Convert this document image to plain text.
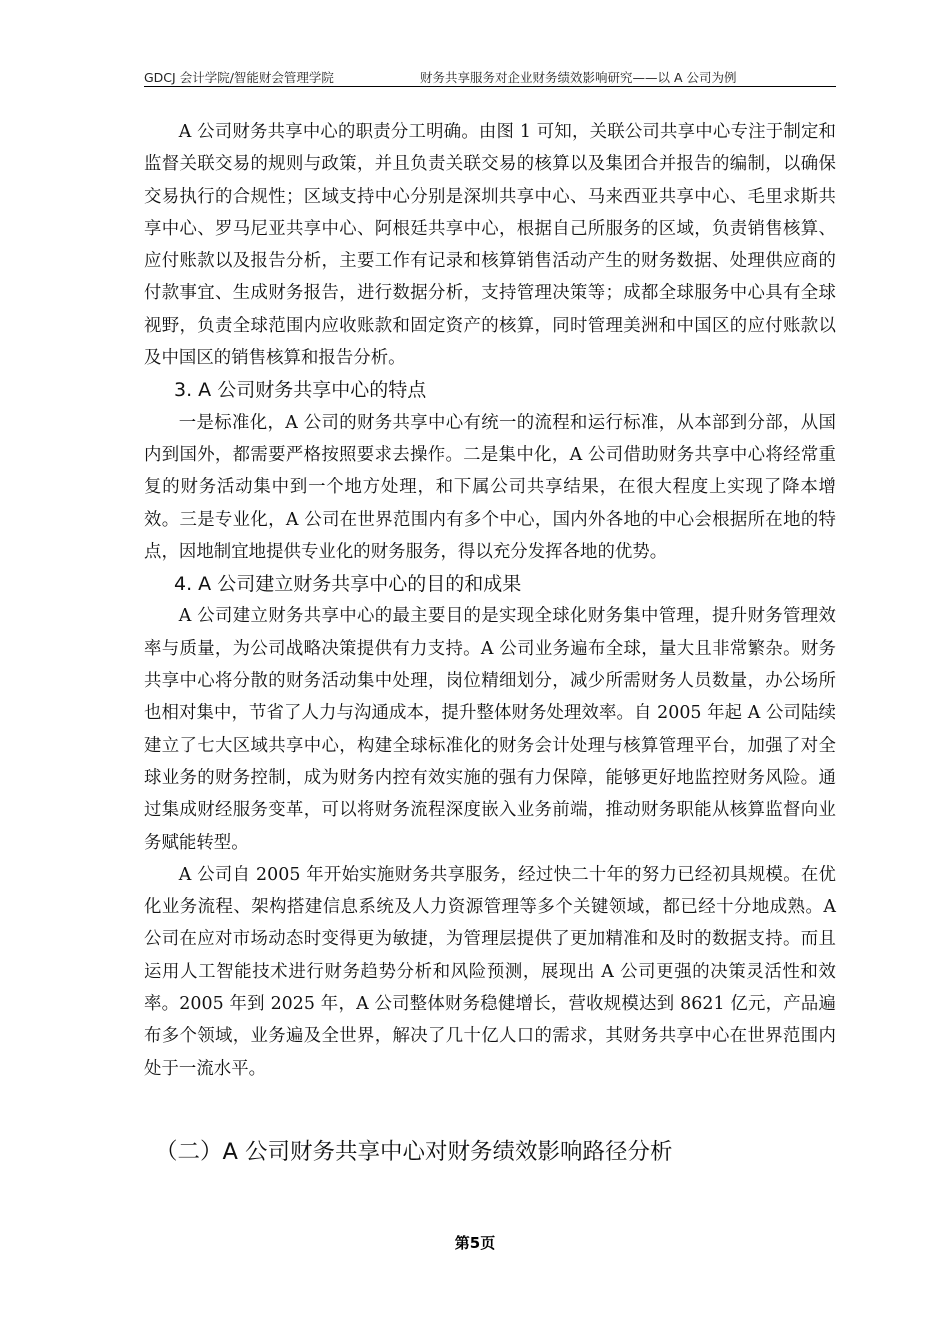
GDCJ 会计学院/智能财会管理学院	财务共享服务对企业财务绩效影响研究——以 A 公司为例

A 公司财务共享中心的职责分工明确。由图 1 可知，关联公司共享中心专注于制定和监督关联交易的规则与政策，并且负责关联交易的核算以及集团合并报告的编制，以确保交易执行的合规性；区域支持中心分别是深圳共享中心、马来西亚共享中心、毛里求斯共享中心、罗马尼亚共享中心、阿根廷共享中心，根据自己所服务的区域，负责销售核算、应付账款以及报告分析，主要工作有记录和核算销售活动产生的财务数据、处理供应商的付款事宜、生成财务报告，进行数据分析，支持管理决策等；成都全球服务中心具有全球视野，负责全球范围内应收账款和固定资产的核算，同时管理美洲和中国区的应付账款以及中国区的销售核算和报告分析。

3. A 公司财务共享中心的特点

一是标准化，A 公司的财务共享中心有统一的流程和运行标准，从本部到分部，从国内到国外，都需要严格按照要求去操作。二是集中化，A 公司借助财务共享中心将经常重复的财务活动集中到一个地方处理，和下属公司共享结果，在很大程度上实现了降本增效。三是专业化，A 公司在世界范围内有多个中心，国内外各地的中心会根据所在地的特点，因地制宜地提供专业化的财务服务，得以充分发挥各地的优势。

4. A 公司建立财务共享中心的目的和成果

A 公司建立财务共享中心的最主要目的是实现全球化财务集中管理，提升财务管理效率与质量，为公司战略决策提供有力支持。A 公司业务遍布全球，量大且非常繁杂。财务共享中心将分散的财务活动集中处理，岗位精细划分，减少所需财务人员数量，办公场所也相对集中，节省了人力与沟通成本，提升整体财务处理效率。自 2005 年起 A 公司陆续建立了七大区域共享中心，构建全球标准化的财务会计处理与核算管理平台，加强了对全球业务的财务控制，成为财务内控有效实施的强有力保障，能够更好地监控财务风险。通过集成财经服务变革，可以将财务流程深度嵌入业务前端，推动财务职能从核算监督向业务赋能转型。

A 公司自 2005 年开始实施财务共享服务，经过快二十年的努力已经初具规模。在优化业务流程、架构搭建信息系统及人力资源管理等多个关键领域，都已经十分地成熟。A 公司在应对市场动态时变得更为敏捷，为管理层提供了更加精准和及时的数据支持。而且运用人工智能技术进行财务趋势分析和风险预测，展现出 A 公司更强的决策灵活性和效率。2005 年到 2025 年，A 公司整体财务稳健增长，营收规模达到 8621 亿元，产品遍布多个领域，业务遍及全世界，解决了几十亿人口的需求，其财务共享中心在世界范围内处于一流水平。

（二）A 公司财务共享中心对财务绩效影响路径分析
第5页
